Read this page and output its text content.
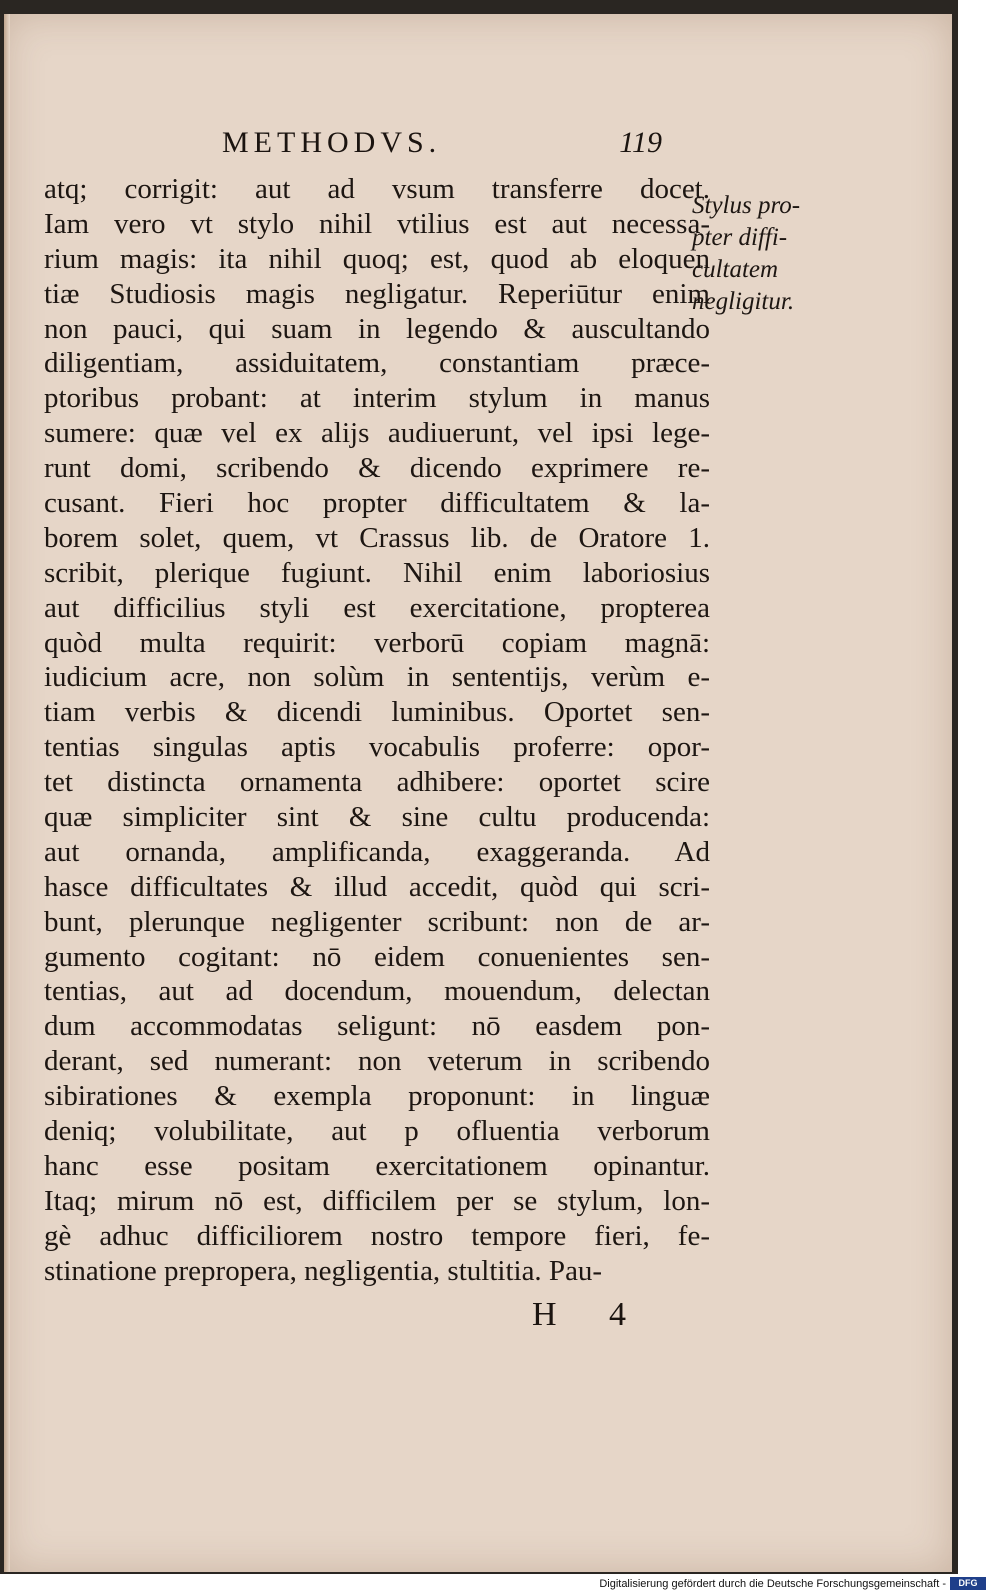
METHODVS.	119
atq; corrigit: aut ad vsum transferre docet.
Iam vero vt stylo nihil vtilius est aut necessa-
rium magis: ita nihil quoq; est, quod ab eloquen
tiæ Studiosis magis negligatur. Reperiūtur enim
non pauci, qui suam in legendo & auscultando
diligentiam, assiduitatem, constantiam præce-
ptoribus probant: at interim stylum in manus
sumere: quæ vel ex alijs audiuerunt, vel ipsi lege-
runt domi, scribendo & dicendo exprimere re-
cusant. Fieri hoc propter difficultatem & la-
borem solet, quem, vt Crassus lib. de Oratore 1.
scribit, plerique fugiunt. Nihil enim laboriosius
aut difficilius styli est exercitatione, propterea
quòd multa requirit: verborū copiam magnā:
iudicium acre, non solùm in sententijs, verùm e-
tiam verbis & dicendi luminibus. Oportet sen-
tentias singulas aptis vocabulis proferre: opor-
tet distincta ornamenta adhibere: oportet scire
quæ simpliciter sint & sine cultu producenda:
aut ornanda, amplificanda, exaggeranda. Ad
hasce difficultates & illud accedit, quòd qui scri-
bunt, plerunque negligenter scribunt: non de ar-
gumento cogitant: nō eidem conuenientes sen-
tentias, aut ad docendum, mouendum, delectan
dum accommodatas seligunt: nō easdem pon-
derant, sed numerant: non veterum in scribendo
sibirationes & exempla proponunt: in linguæ
deniq; volubilitate, aut p ofluentia verborum
hanc esse positam exercitationem opinantur.
Itaq; mirum nō est, difficilem per se stylum, lon-
gè adhuc difficiliorem nostro tempore fieri, fe-
stinatione prepropera, negligentia, stultitia. Pau-
Stylus pro-
pter diffi-
cultatem
negligitur.
H 4
Digitalisierung gefördert durch die Deutsche Forschungsgemeinschaft -	DFG
